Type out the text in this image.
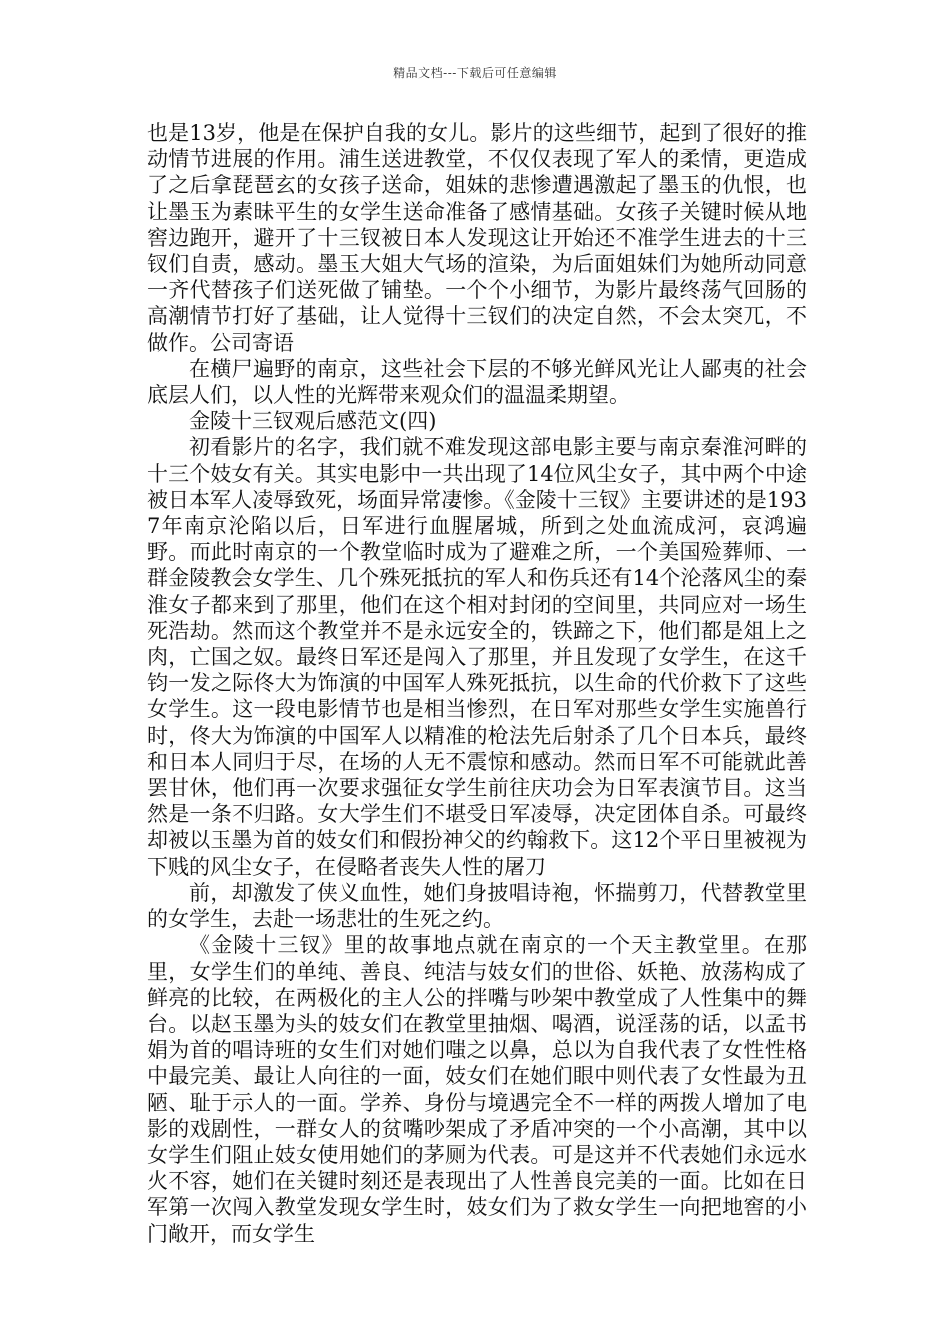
精品文档---下载后可任意编辑

也是13岁，他是在保护自我的女儿。影片的这些细节，起到了很好的推动情节进展的作用。浦生送进教堂，不仅仅表现了军人的柔情，更造成了之后拿琵琶玄的女孩子送命，姐妹的悲惨遭遇激起了墨玉的仇恨，也让墨玉为素昧平生的女学生送命准备了感情基础。女孩子关键时候从地窖边跑开，避开了十三钗被日本人发现这让开始还不准学生进去的十三钗们自责，感动。墨玉大姐大气场的渲染，为后面姐妹们为她所动同意一齐代替孩子们送死做了铺垫。一个个小细节，为影片最终荡气回肠的高潮情节打好了基础，让人觉得十三钗们的决定自然，不会太突兀，不做作。公司寄语

在横尸遍野的南京，这些社会下层的不够光鲜风光让人鄙夷的社会底层人们，以人性的光辉带来观众们的温温柔期望。

金陵十三钗观后感范文(四)

初看影片的名字，我们就不难发现这部电影主要与南京秦淮河畔的十三个妓女有关。其实电影中一共出现了14位风尘女子，其中两个中途被日本军人凌辱致死，场面异常凄惨。《金陵十三钗》主要讲述的是1937年南京沦陷以后，日军进行血腥屠城，所到之处血流成河，哀鸿遍野。而此时南京的一个教堂临时成为了避难之所，一个美国殓葬师、一群金陵教会女学生、几个殊死抵抗的军人和伤兵还有14个沦落风尘的秦淮女子都来到了那里，他们在这个相对封闭的空间里，共同应对一场生死浩劫。然而这个教堂并不是永远安全的，铁蹄之下，他们都是俎上之肉，亡国之奴。最终日军还是闯入了那里，并且发现了女学生，在这千钧一发之际佟大为饰演的中国军人殊死抵抗，以生命的代价救下了这些女学生。这一段电影情节也是相当惨烈，在日军对那些女学生实施兽行时，佟大为饰演的中国军人以精准的枪法先后射杀了几个日本兵，最终和日本人同归于尽，在场的人无不震惊和感动。然而日军不可能就此善罢甘休，他们再一次要求强征女学生前往庆功会为日军表演节目。这当然是一条不归路。女大学生们不堪受日军凌辱，决定团体自杀。可最终却被以玉墨为首的妓女们和假扮神父的约翰救下。这12个平日里被视为下贱的风尘女子，在侵略者丧失人性的屠刀

前，却激发了侠义血性，她们身披唱诗袍，怀揣剪刀，代替教堂里的女学生，去赴一场悲壮的生死之约。

《金陵十三钗》里的故事地点就在南京的一个天主教堂里。在那里，女学生们的单纯、善良、纯洁与妓女们的世俗、妖艳、放荡构成了鲜亮的比较，在两极化的主人公的拌嘴与吵架中教堂成了人性集中的舞台。以赵玉墨为头的妓女们在教堂里抽烟、喝酒，说淫荡的话，以孟书娟为首的唱诗班的女生们对她们嗤之以鼻，总以为自我代表了女性性格中最完美、最让人向往的一面，妓女们在她们眼中则代表了女性最为丑陋、耻于示人的一面。学养、身份与境遇完全不一样的两拨人增加了电影的戏剧性，一群女人的贫嘴吵架成了矛盾冲突的一个小高潮，其中以女学生们阻止妓女使用她们的茅厕为代表。可是这并不代表她们永远水火不容，她们在关键时刻还是表现出了人性善良完美的一面。比如在日军第一次闯入教堂发现女学生时，妓女们为了救女学生一向把地窖的小门敞开，而女学生
